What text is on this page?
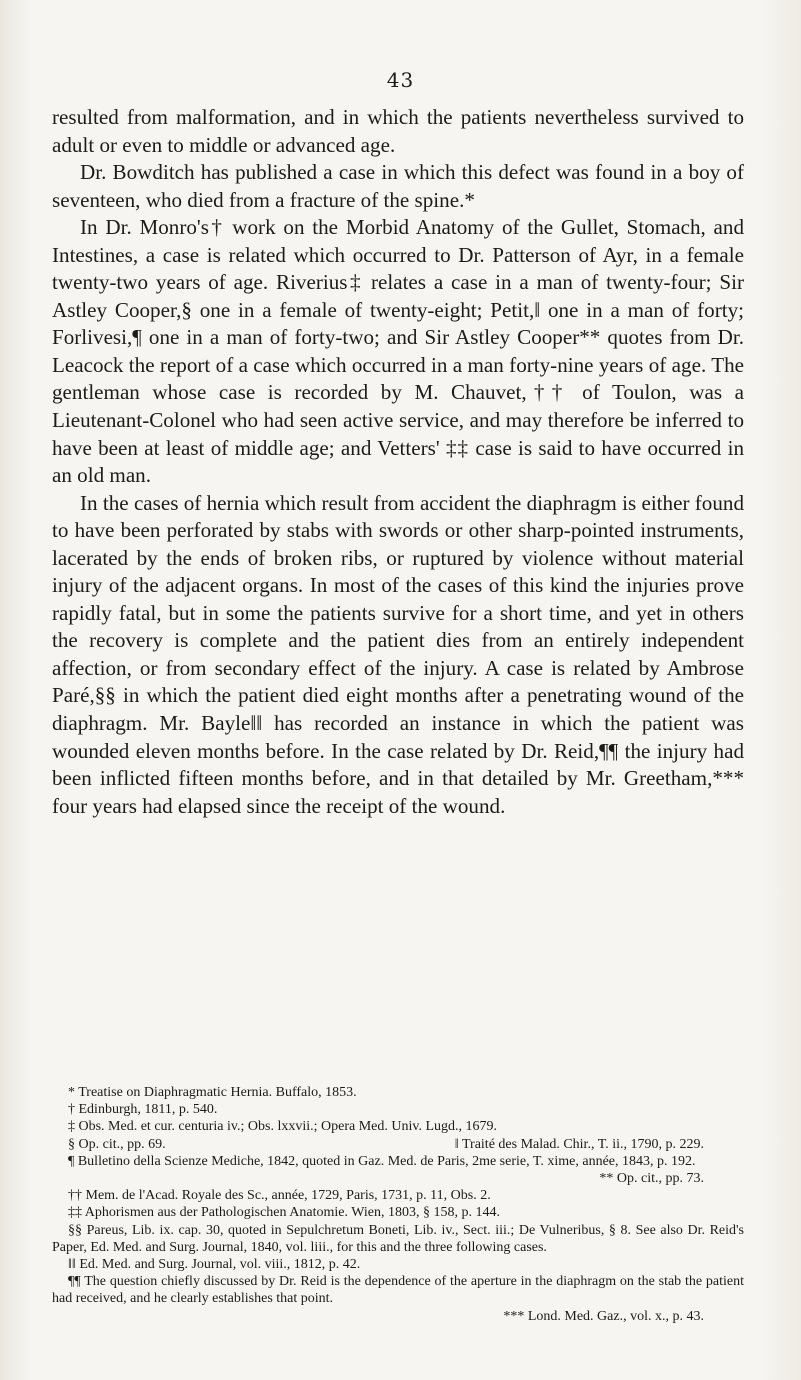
43

resulted from malformation, and in which the patients nevertheless survived to adult or even to middle or advanced age.

Dr. Bowditch has published a case in which this defect was found in a boy of seventeen, who died from a fracture of the spine.*

In Dr. Monro's† work on the Morbid Anatomy of the Gullet, Stomach, and Intestines, a case is related which occurred to Dr. Patterson of Ayr, in a female twenty-two years of age. Riverius‡ relates a case in a man of twenty-four; Sir Astley Cooper,§ one in a female of twenty-eight; Petit,‖ one in a man of forty; Forlivesi,¶ one in a man of forty-two; and Sir Astley Cooper** quotes from Dr. Leacock the report of a case which occurred in a man forty-nine years of age. The gentleman whose case is recorded by M. Chauvet,†† of Toulon, was a Lieutenant-Colonel who had seen active service, and may therefore be inferred to have been at least of middle age; and Vetters' ‡‡ case is said to have occurred in an old man.

In the cases of hernia which result from accident the diaphragm is either found to have been perforated by stabs with swords or other sharp-pointed instruments, lacerated by the ends of broken ribs, or ruptured by violence without material injury of the adjacent organs. In most of the cases of this kind the injuries prove rapidly fatal, but in some the patients survive for a short time, and yet in others the recovery is complete and the patient dies from an entirely independent affection, or from secondary effect of the injury. A case is related by Ambrose Paré,§§ in which the patient died eight months after a penetrating wound of the diaphragm. Mr. Bayle‖‖ has recorded an instance in which the patient was wounded eleven months before. In the case related by Dr. Reid,¶¶ the injury had been inflicted fifteen months before, and in that detailed by Mr. Greetham,*** four years had elapsed since the receipt of the wound.

* Treatise on Diaphragmatic Hernia. Buffalo, 1853.

† Edinburgh, 1811, p. 540.

‡ Obs. Med. et cur. centuria iv.; Obs. lxxvii.; Opera Med. Univ. Lugd., 1679.

§ Op. cit., pp. 69.	‖ Traité des Malad. Chir., T. ii., 1790, p. 229.

¶ Bulletino della Scienze Mediche, 1842, quoted in Gaz. Med. de Paris, 2me serie, T. xime, année, 1843, p. 192.

** Op. cit., pp. 73.

†† Mem. de l'Acad. Royale des Sc., année, 1729, Paris, 1731, p. 11, Obs. 2.

‡‡ Aphorismen aus der Pathologischen Anatomie. Wien, 1803, § 158, p. 144.

§§ Pareus, Lib. ix. cap. 30, quoted in Sepulchretum Boneti, Lib. iv., Sect. iii.; De Vulneribus, § 8. See also Dr. Reid's Paper, Ed. Med. and Surg. Journal, 1840, vol. liii., for this and the three following cases.

‖‖ Ed. Med. and Surg. Journal, vol. viii., 1812, p. 42.

¶¶ The question chiefly discussed by Dr. Reid is the dependence of the aperture in the diaphragm on the stab the patient had received, and he clearly establishes that point.

*** Lond. Med. Gaz., vol. x., p. 43.
